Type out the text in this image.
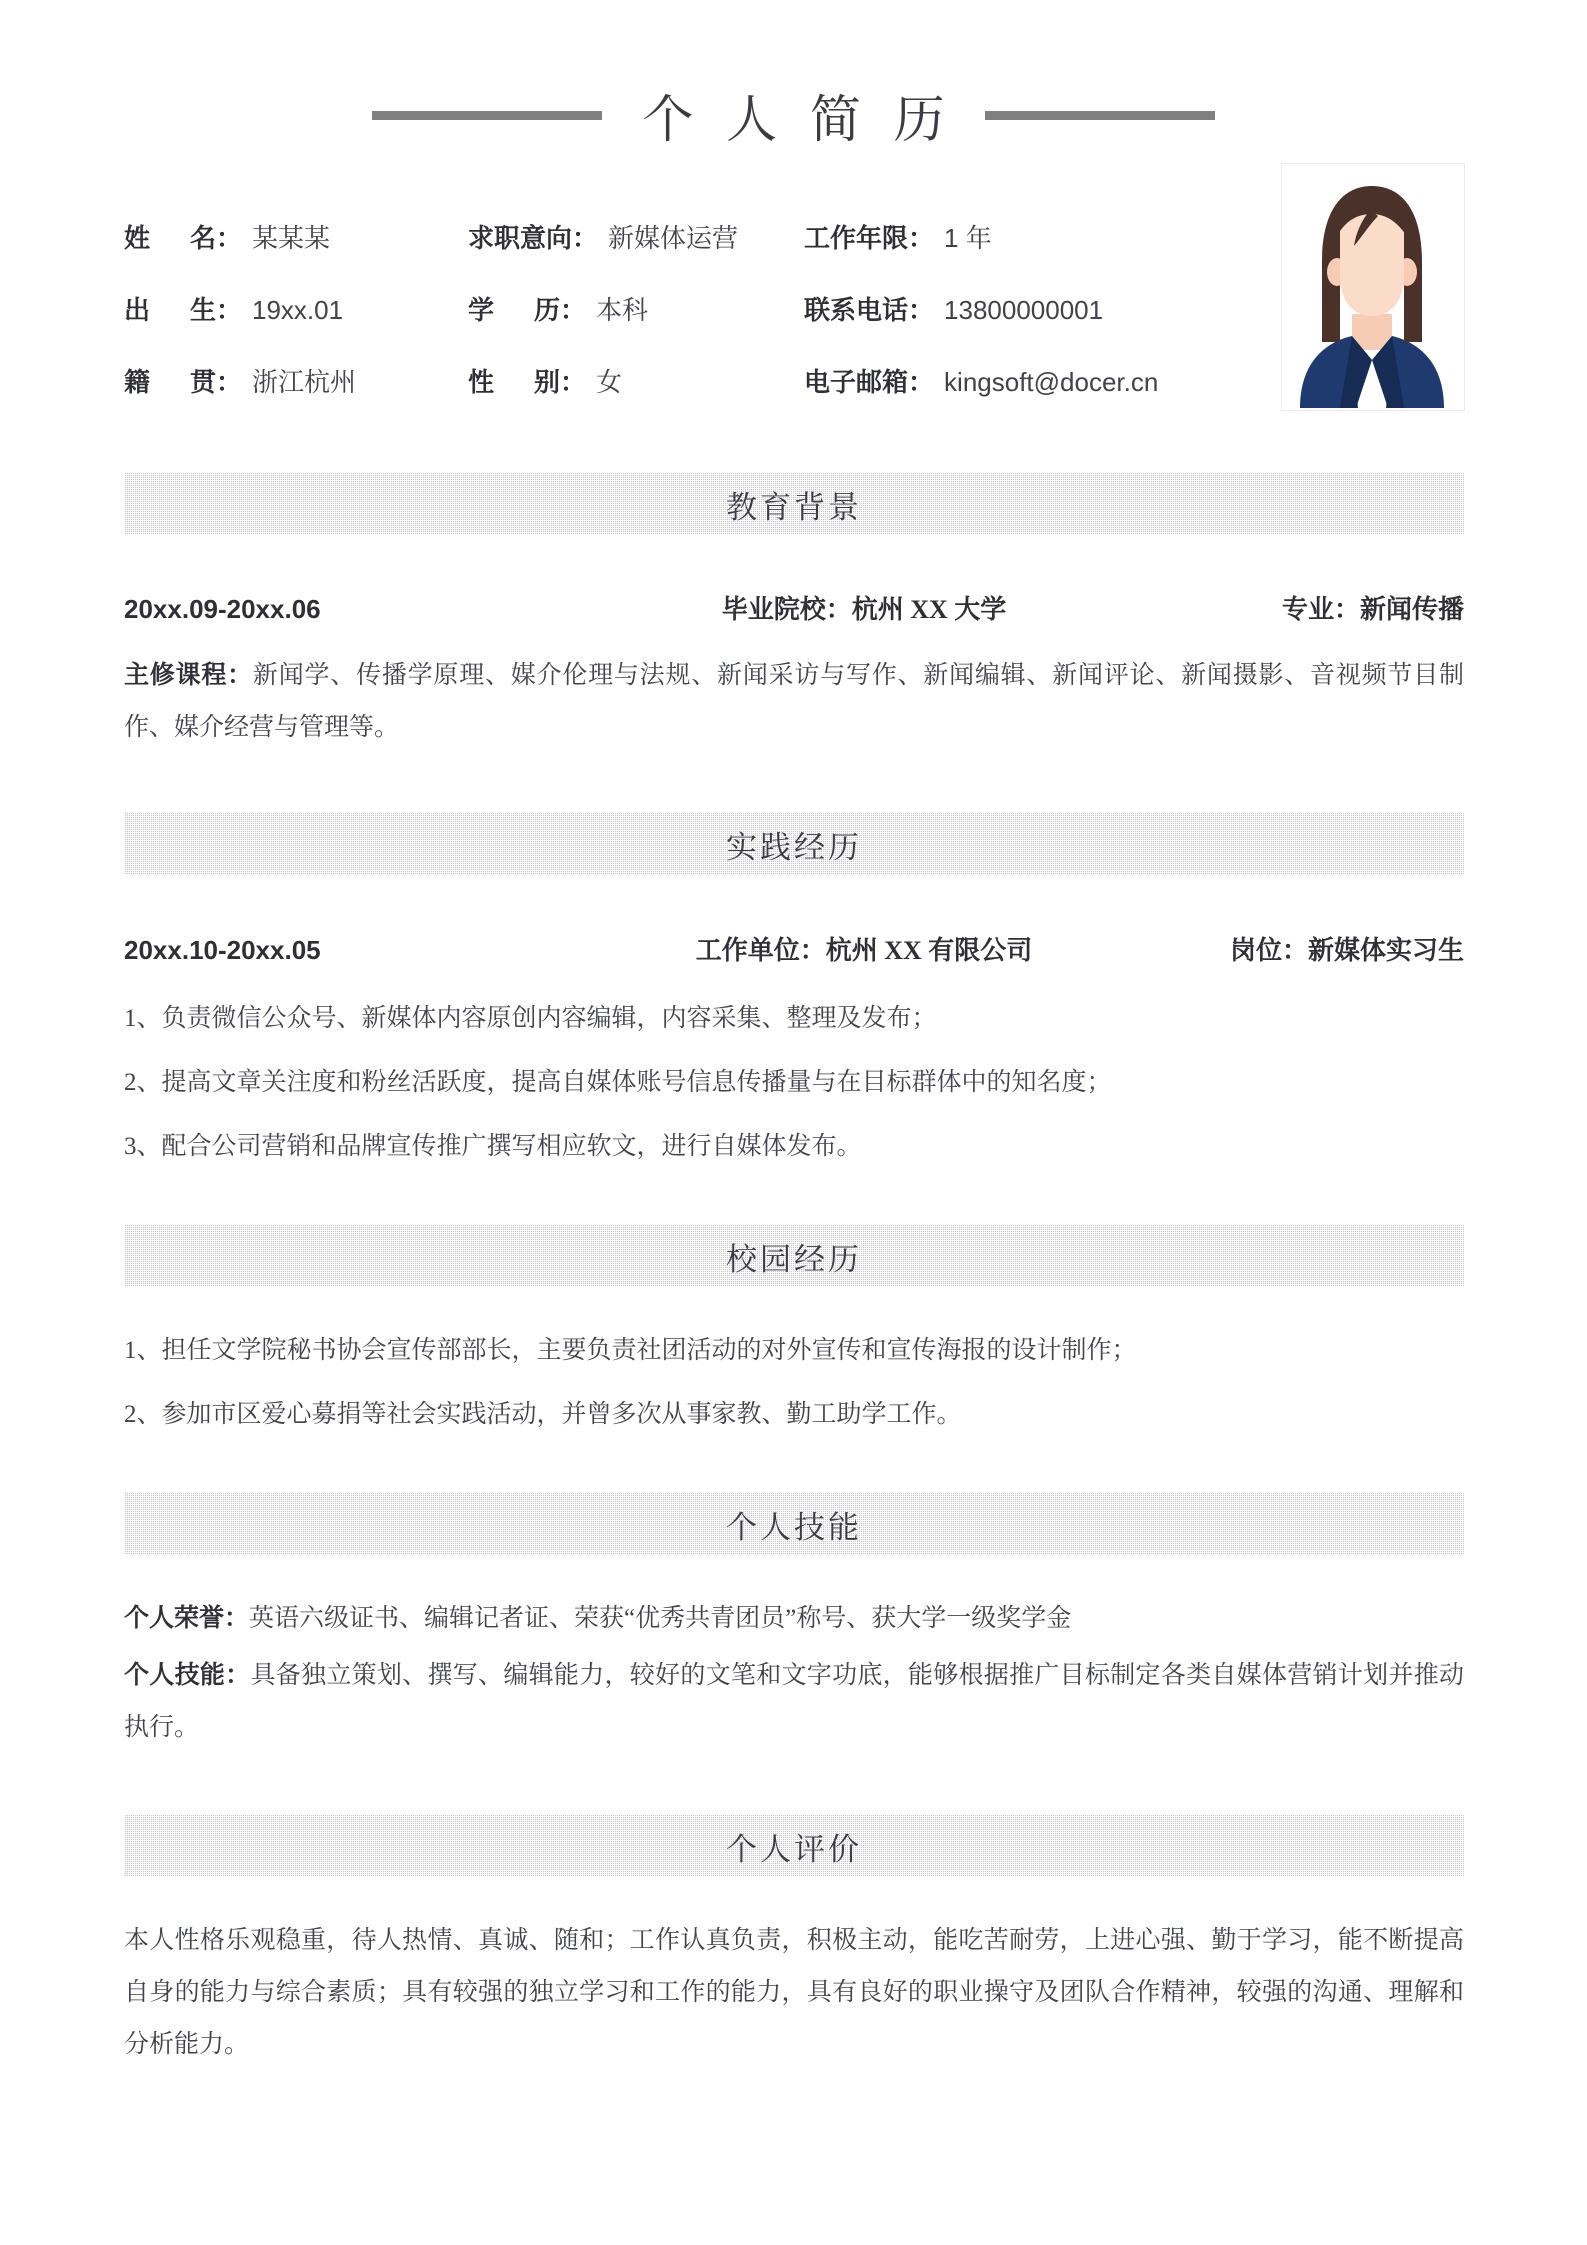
个 人 简 历
姓 名 ： 某某某	求职意向 ： 新媒体运营	工作年限 ： 1 年
出 生 ： 19xx.01	学 历 ： 本科	联系电话 ： 13800000001
籍 贯 ： 浙江杭州	性 别 ： 女	电子邮箱 ： kingsoft@docer.cn
教育背景
20xx.09-20xx.06	毕业院校：杭州 XX 大学	专业：新闻传播
主修课程：新闻学、传播学原理、媒介伦理与法规、新闻采访与写作、新闻编辑、新闻评论、新闻摄影、音视频节目制作、媒介经营与管理等。
实践经历
20xx.10-20xx.05	工作单位：杭州 XX 有限公司	岗位：新媒体实习生
1、负责微信公众号、新媒体内容原创内容编辑，内容采集、整理及发布；
2、提高文章关注度和粉丝活跃度，提高自媒体账号信息传播量与在目标群体中的知名度；
3、配合公司营销和品牌宣传推广撰写相应软文，进行自媒体发布。
校园经历
1、担任文学院秘书协会宣传部部长，主要负责社团活动的对外宣传和宣传海报的设计制作；
2、参加市区爱心募捐等社会实践活动，并曾多次从事家教、勤工助学工作。
个人技能
个人荣誉：英语六级证书、编辑记者证、荣获“优秀共青团员”称号、获大学一级奖学金
个人技能：具备独立策划、撰写、编辑能力，较好的文笔和文字功底，能够根据推广目标制定各类自媒体营销计划并推动执行。
个人评价
本人性格乐观稳重，待人热情、真诚、随和；工作认真负责，积极主动，能吃苦耐劳，上进心强、勤于学习，能不断提高自身的能力与综合素质；具有较强的独立学习和工作的能力，具有良好的职业操守及团队合作精神，较强的沟通、理解和分析能力。
